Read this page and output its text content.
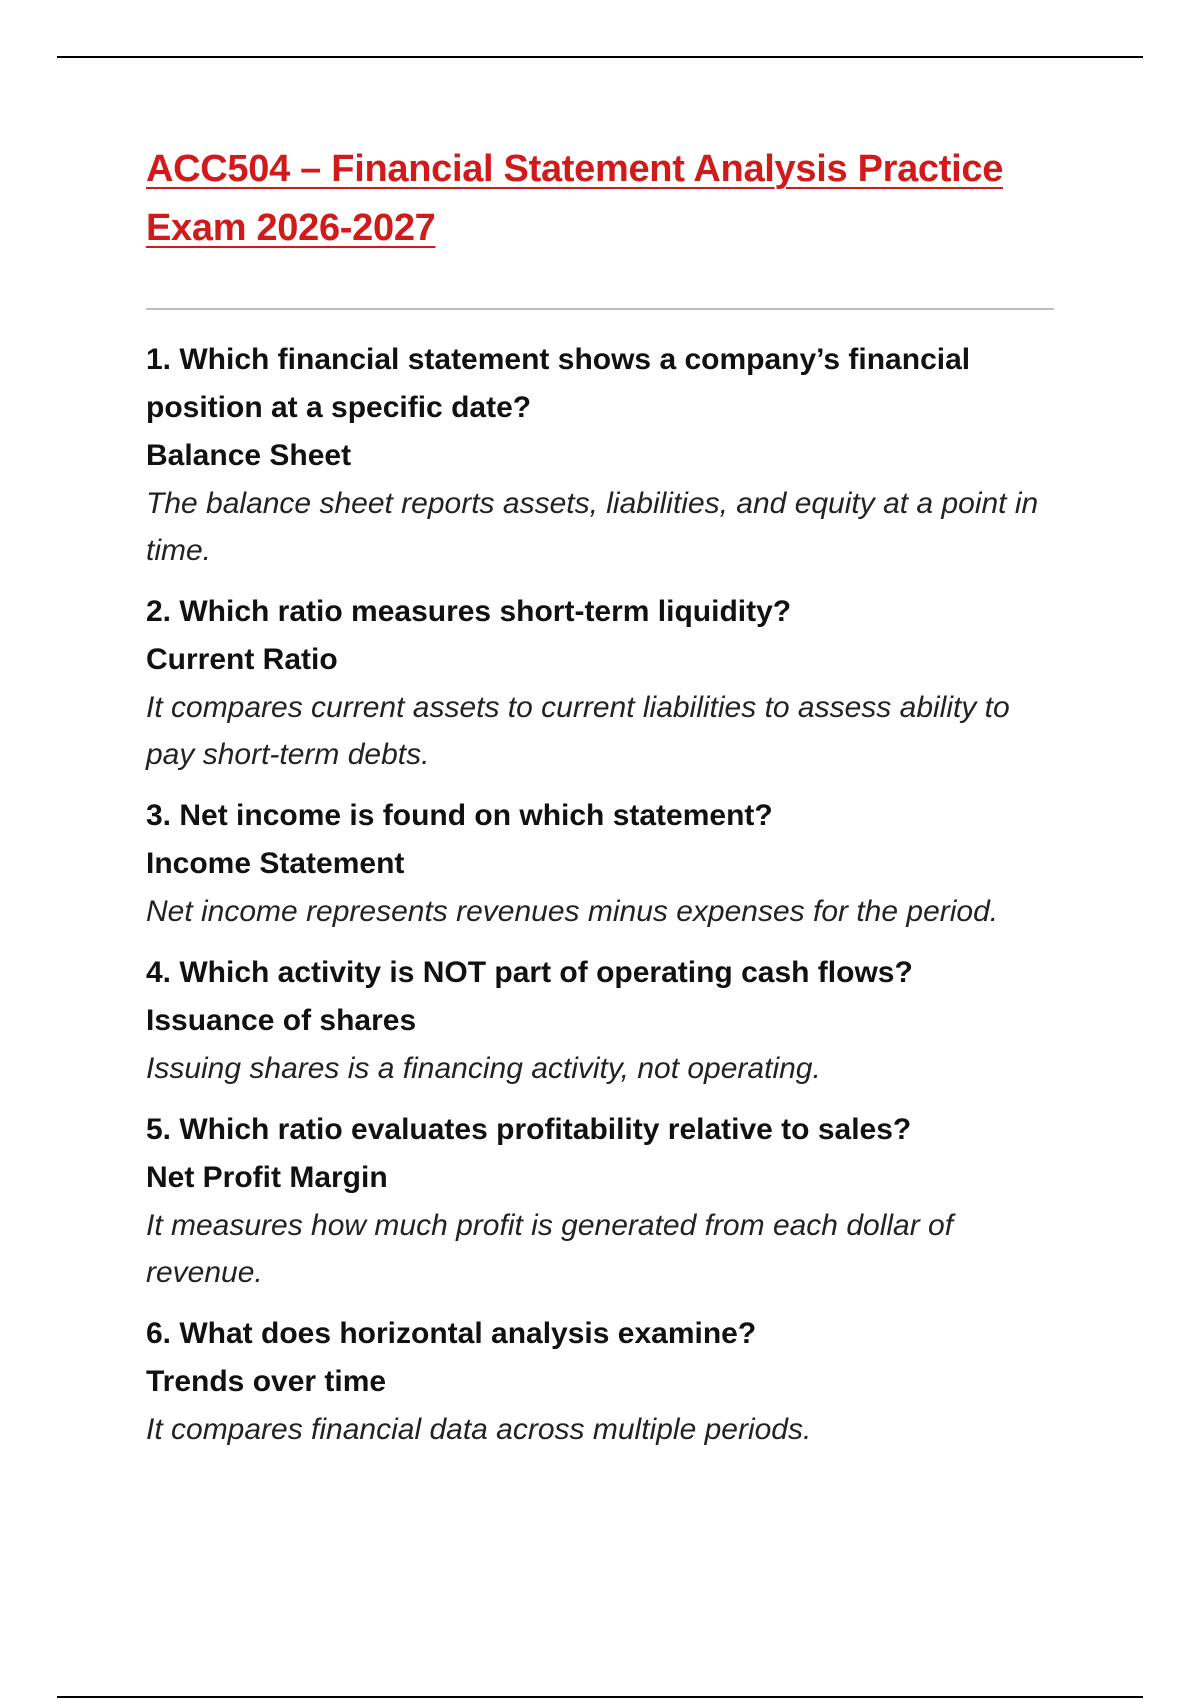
ACC504 – Financial Statement Analysis Practice Exam 2026-2027
1. Which financial statement shows a company’s financial position at a specific date?
Balance Sheet
The balance sheet reports assets, liabilities, and equity at a point in time.
2. Which ratio measures short-term liquidity?
Current Ratio
It compares current assets to current liabilities to assess ability to pay short-term debts.
3. Net income is found on which statement?
Income Statement
Net income represents revenues minus expenses for the period.
4. Which activity is NOT part of operating cash flows?
Issuance of shares
Issuing shares is a financing activity, not operating.
5. Which ratio evaluates profitability relative to sales?
Net Profit Margin
It measures how much profit is generated from each dollar of revenue.
6. What does horizontal analysis examine?
Trends over time
It compares financial data across multiple periods.
